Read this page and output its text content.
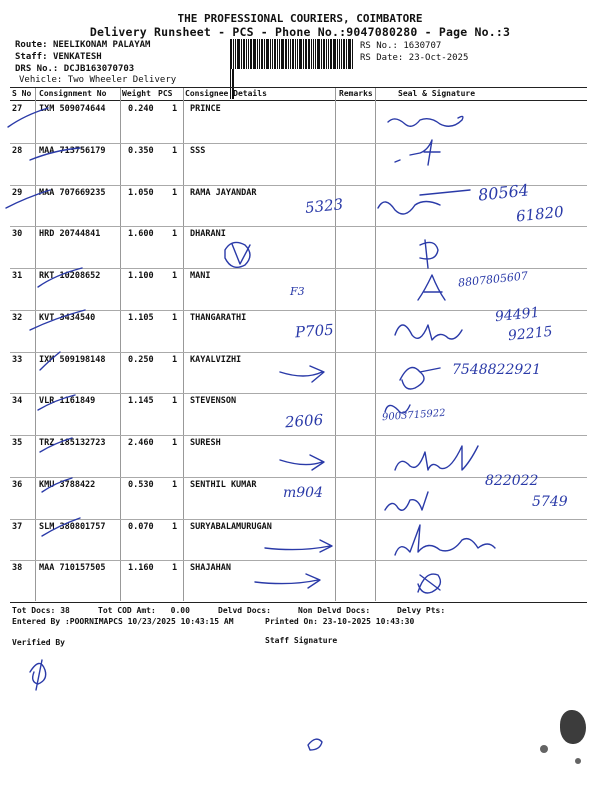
THE PROFESSIONAL COURIERS, COIMBATORE
Delivery Runsheet - PCS - Phone No.:9047080280 - Page No.:3
Route: NEELIKONAM PALAYAM
Staff: VENKATESH
DRS No.: DCJB163070703
Vehicle: Two Wheeler Delivery
RS No.: 1630707
RS Date: 23-Oct-2025
S No Consignment No Weight PCS Consignee Details	Remarks	Seal & Signature
27 IXM 509074644	0.240 1 PRINCE
28 MAA 713756179	0.350 1 SSS
29 MAA 707669235	1.050 1 RAMA JAYANDAR
30 HRD 20744841	1.600 1 DHARANI
31 RKT 10208652	1.100 1 MANI
32 KVT 3434540	1.105 1 THANGARATHI
33 IXM 509198148	0.250 1 KAYALVIZHI
34 VLR 1161849	1.145 1 STEVENSON
35 TRZ 185132723	2.460 1 SURESH
36 KMU 3788422	0.530 1 SENTHIL KUMAR
37 SLM 380801757	0.070 1 SURYABALAMURUGAN
38 MAA 710157505	1.160 1 SHAJAHAN
5323
80564
61820
F3
8807805607
P705
94491
92215
7548822921
2606	9003715922
m904
822022
5749
Tot Docs: 38	Tot COD Amt: 0.00	Delvd Docs:	Non Delvd Docs:	Delvy Pts:
Entered By :POORNIMAPCS 10/23/2025 10:43:15 AM	Printed On: 23-10-2025 10:43:30
Verified By	Staff Signature
